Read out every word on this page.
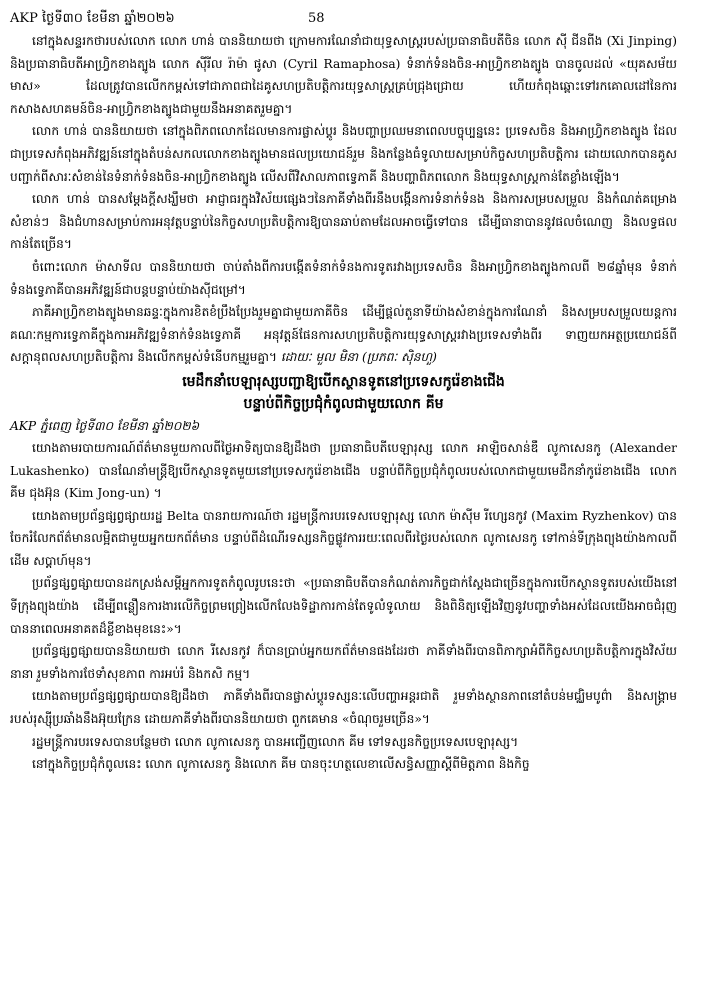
AKP ថ្ងៃទី៣០ ខែមីនា ឆ្នាំ២០២៦	58

នៅក្នុងសន្ទរកថារបស់លោក លោក ហាន់ បាននិយាយថា ក្រោមការណែនាំជាយុទ្ធសាស្ត្ររបស់ប្រធានាធិបតីចិន លោក ស៊ី ជីនពីង (Xi Jinping) និងប្រធានាធិបតីអាហ្វ្រិកខាងត្បូង លោក ស៊ីរីល រ៉ាម៉ា ផូសា (Cyril Ramaphosa) ទំនាក់ទំនងចិន-អាហ្វ្រិកខាងត្បូង បានចូលដល់ «យុគសម័យមាស» ដែលត្រូវបានលើកកម្ពស់ទៅជាភាពជាដៃគូសហប្រតិបត្តិការយុទ្ធសាស្ត្រគ្រប់ជ្រុងជ្រោយ ហើយកំពុងឆ្ពោះទៅរកគោលដៅនៃការកសាងសហគមន៍ចិន-អាហ្វ្រិកខាងត្បូងជាមួយនឹងអនាគតរួមគ្នា។

លោក ហាន់ បាននិយាយថា នៅក្នុងពិភពលោកដែលមានការផ្លាស់ប្តូរ និងបញ្ហាប្រឈមនាពេលបច្ចុប្បន្ននេះ ប្រទេសចិន និងអាហ្វ្រិកខាងត្បូង ដែលជាប្រទេសកំពុងអភិវឌ្ឍន៍នៅក្នុងតំបន់សកលលោកខាងត្បូងមានផលប្រយោជន៍រួម និងកន្លែងធំទូលាយសម្រាប់កិច្ចសហប្រតិបត្តិការ ដោយលោកបានគូសបញ្ជាក់ពីសារៈសំខាន់នៃទំនាក់ទំនងចិន-អាហ្វ្រិកខាងត្បូង លើសពីវិសាលភាពទ្វេភាគី និងបញ្ហាពិភពលោក និងយុទ្ធសាស្ត្រកាន់តែខ្លាំងឡើង។

លោក ហាន់ បានសម្តែងក្តីសង្ឃឹមថា អាជ្ញាធរក្នុងវិស័យផ្សេងៗនៃភាគីទាំងពីរនឹងបង្កើនការទំនាក់ទំនង និងការសម្របសម្រួល និងកំណត់គម្រោងសំខាន់ៗ និងជំហានសម្រាប់ការអនុវត្តបន្ទាប់នៃកិច្ចសហប្រតិបត្តិការឱ្យបានឆាប់តាមដែលអាចធ្វើទៅបាន ដើម្បីធានាបាននូវផលចំណេញ និងលទ្ធផលកាន់តែច្រើន។

ចំពោះលោក ម៉ាសាទីល បាននិយាយថា ចាប់តាំងពីការបង្កើតទំនាក់ទំនងការទូតរវាងប្រទេសចិន និងអាហ្វ្រិកខាងត្បូងកាលពី ២៨ឆ្នាំមុន ទំនាក់ទំនងទ្វេភាគីបានអភិវឌ្ឍន៍ជាបន្តបន្ទាប់យ៉ាងស៊ីជម្រៅ។

ភាគីអាហ្វ្រិកខាងត្បូងមានឆន្ទៈក្នុងការខិតខំប្រឹងប្រែងរួមគ្នាជាមួយភាគីចិន ដើម្បីផ្តល់តួនាទីយ៉ាងសំខាន់ក្នុងការណែនាំ និងសម្របសម្រួលយន្តការគណៈកម្មការទ្វេភាគីក្នុងការអភិវឌ្ឍទំនាក់ទំនងទ្វេភាគី អនុវត្តន៍ផែនការសហប្រតិបត្តិការយុទ្ធសាស្ត្ររវាងប្រទេសទាំងពីរ ទាញយកអត្ថប្រយោជន៍ពីសក្តានុពលសហប្រតិបត្តិការ និងលើកកម្ពស់ទំនើបកម្មរួមគ្នា។ ដោយៈ មួល មិនា (ប្រភពៈ ស៊ិនហួ)

មេដឹកនាំបេឡារុស្សបញ្ជាឱ្យបើកស្ថានទូតនៅប្រទេសកូរ៉េខាងជើង
បន្ទាប់ពីកិច្ចប្រជុំកំពូលជាមួយលោក គីម
AKP ភ្នំពេញ ថ្ងៃទី៣០ ខែមីនា ឆ្នាំ២០២៦

យោងតាមរបាយការណ៍ព័ត៌មានមួយកាលពីថ្ងៃអាទិត្យបានឱ្យដឹងថា ប្រធានាធិបតីបេឡារុស្ស លោក អាឡិចសាន់ឌឺ លូកាសេនកូ (Alexander Lukashenko) បានណែនាំមន្ត្រីឱ្យបើកស្ថានទូតមួយនៅប្រទេសកូរ៉េខាងជើង បន្ទាប់ពីកិច្ចប្រជុំកំពូលរបស់លោកជាមួយមេដឹកនាំកូរ៉េខាងជើង លោក គីម ជុងអ៊ុន (Kim Jong-un) ។

យោងតាមប្រព័ន្ធផ្សព្វផ្សាយរដ្ឋ Belta បានរាយការណ៍ថា រដ្ឋមន្ត្រីការបរទេសបេឡារុស្ស លោក ម៉ាស៊ីម រីហ្សេនកូវ (Maxim Ryzhenkov) បានចែករំលែកព័ត៌មានលម្អិតជាមួយអ្នកយកព័ត៌មាន បន្ទាប់ពីដំណើរទស្សនកិច្ចផ្លូវការរយៈពេលពីរថ្ងៃរបស់លោក លូកាសេនកូ ទៅកាន់ទីក្រុងព្យុងយ៉ាងកាលពីដើម សប្តាហ៍មុន។

ប្រព័ន្ធផ្សព្វផ្សាយបានដកស្រង់សម្តីអ្នកការទូតកំពូលរូបនេះថា «ប្រធានាធិបតីបានកំណត់ភារកិច្ចជាក់ស្តែងជាច្រើនក្នុងការបើកស្ថានទូតរបស់យើងនៅទីក្រុងព្យុងយ៉ាង ដើម្បីពន្លឿនការងារលើកិច្ចព្រមព្រៀងលើកលែងទិដ្ឋាការកាន់តែទូលំទូលាយ និងពិនិត្យឡើងវិញនូវបញ្ហាទាំងអស់ដែលយើងអាចជំរុញបាននាពេលអនាគតដ៏ខ្លីខាងមុខនេះ»។

ប្រព័ន្ធផ្សព្វផ្សាយបាននិយាយថា លោក រីសេនកូវ ក៏បានប្រាប់អ្នកយកព័ត៌មានផងដែរថា ភាគីទាំងពីរបានពិភាក្សាអំពីកិច្ចសហប្រតិបត្តិការក្នុងវិស័យនានា រួមទាំងការថែទាំសុខភាព ការអប់រំ និងកសិ កម្ម។

យោងតាមប្រព័ន្ធផ្សព្វផ្សាយបានឱ្យដឹងថា ភាគីទាំងពីរបានផ្លាស់ប្តូរទស្សនៈលើបញ្ហាអន្តរជាតិ រួមទាំងស្ថានភាពនៅតំបន់មជ្ឈិមបូព៌ា និងសង្គ្រាមរបស់រុស្ស៊ីប្រឆាំងនឹងអ៊ុយក្រែន ដោយភាគីទាំងពីរបាននិយាយថា ពួកគេមាន «ចំណុចរួមច្រើន»។

រដ្ឋមន្ត្រីការបរទេសបានបន្ថែមថា លោក លូកាសេនកូ បានអញ្ជើញលោក គីម ទៅទស្សនកិច្ចប្រទេសបេឡារុស្ស។

នៅក្នុងកិច្ចប្រជុំកំពូលនេះ លោក លូកាសេនកូ និងលោក គីម បានចុះហត្ថលេខាលើសន្ធិសញ្ញាស្តីពីមិត្តភាព និងកិច្ច
